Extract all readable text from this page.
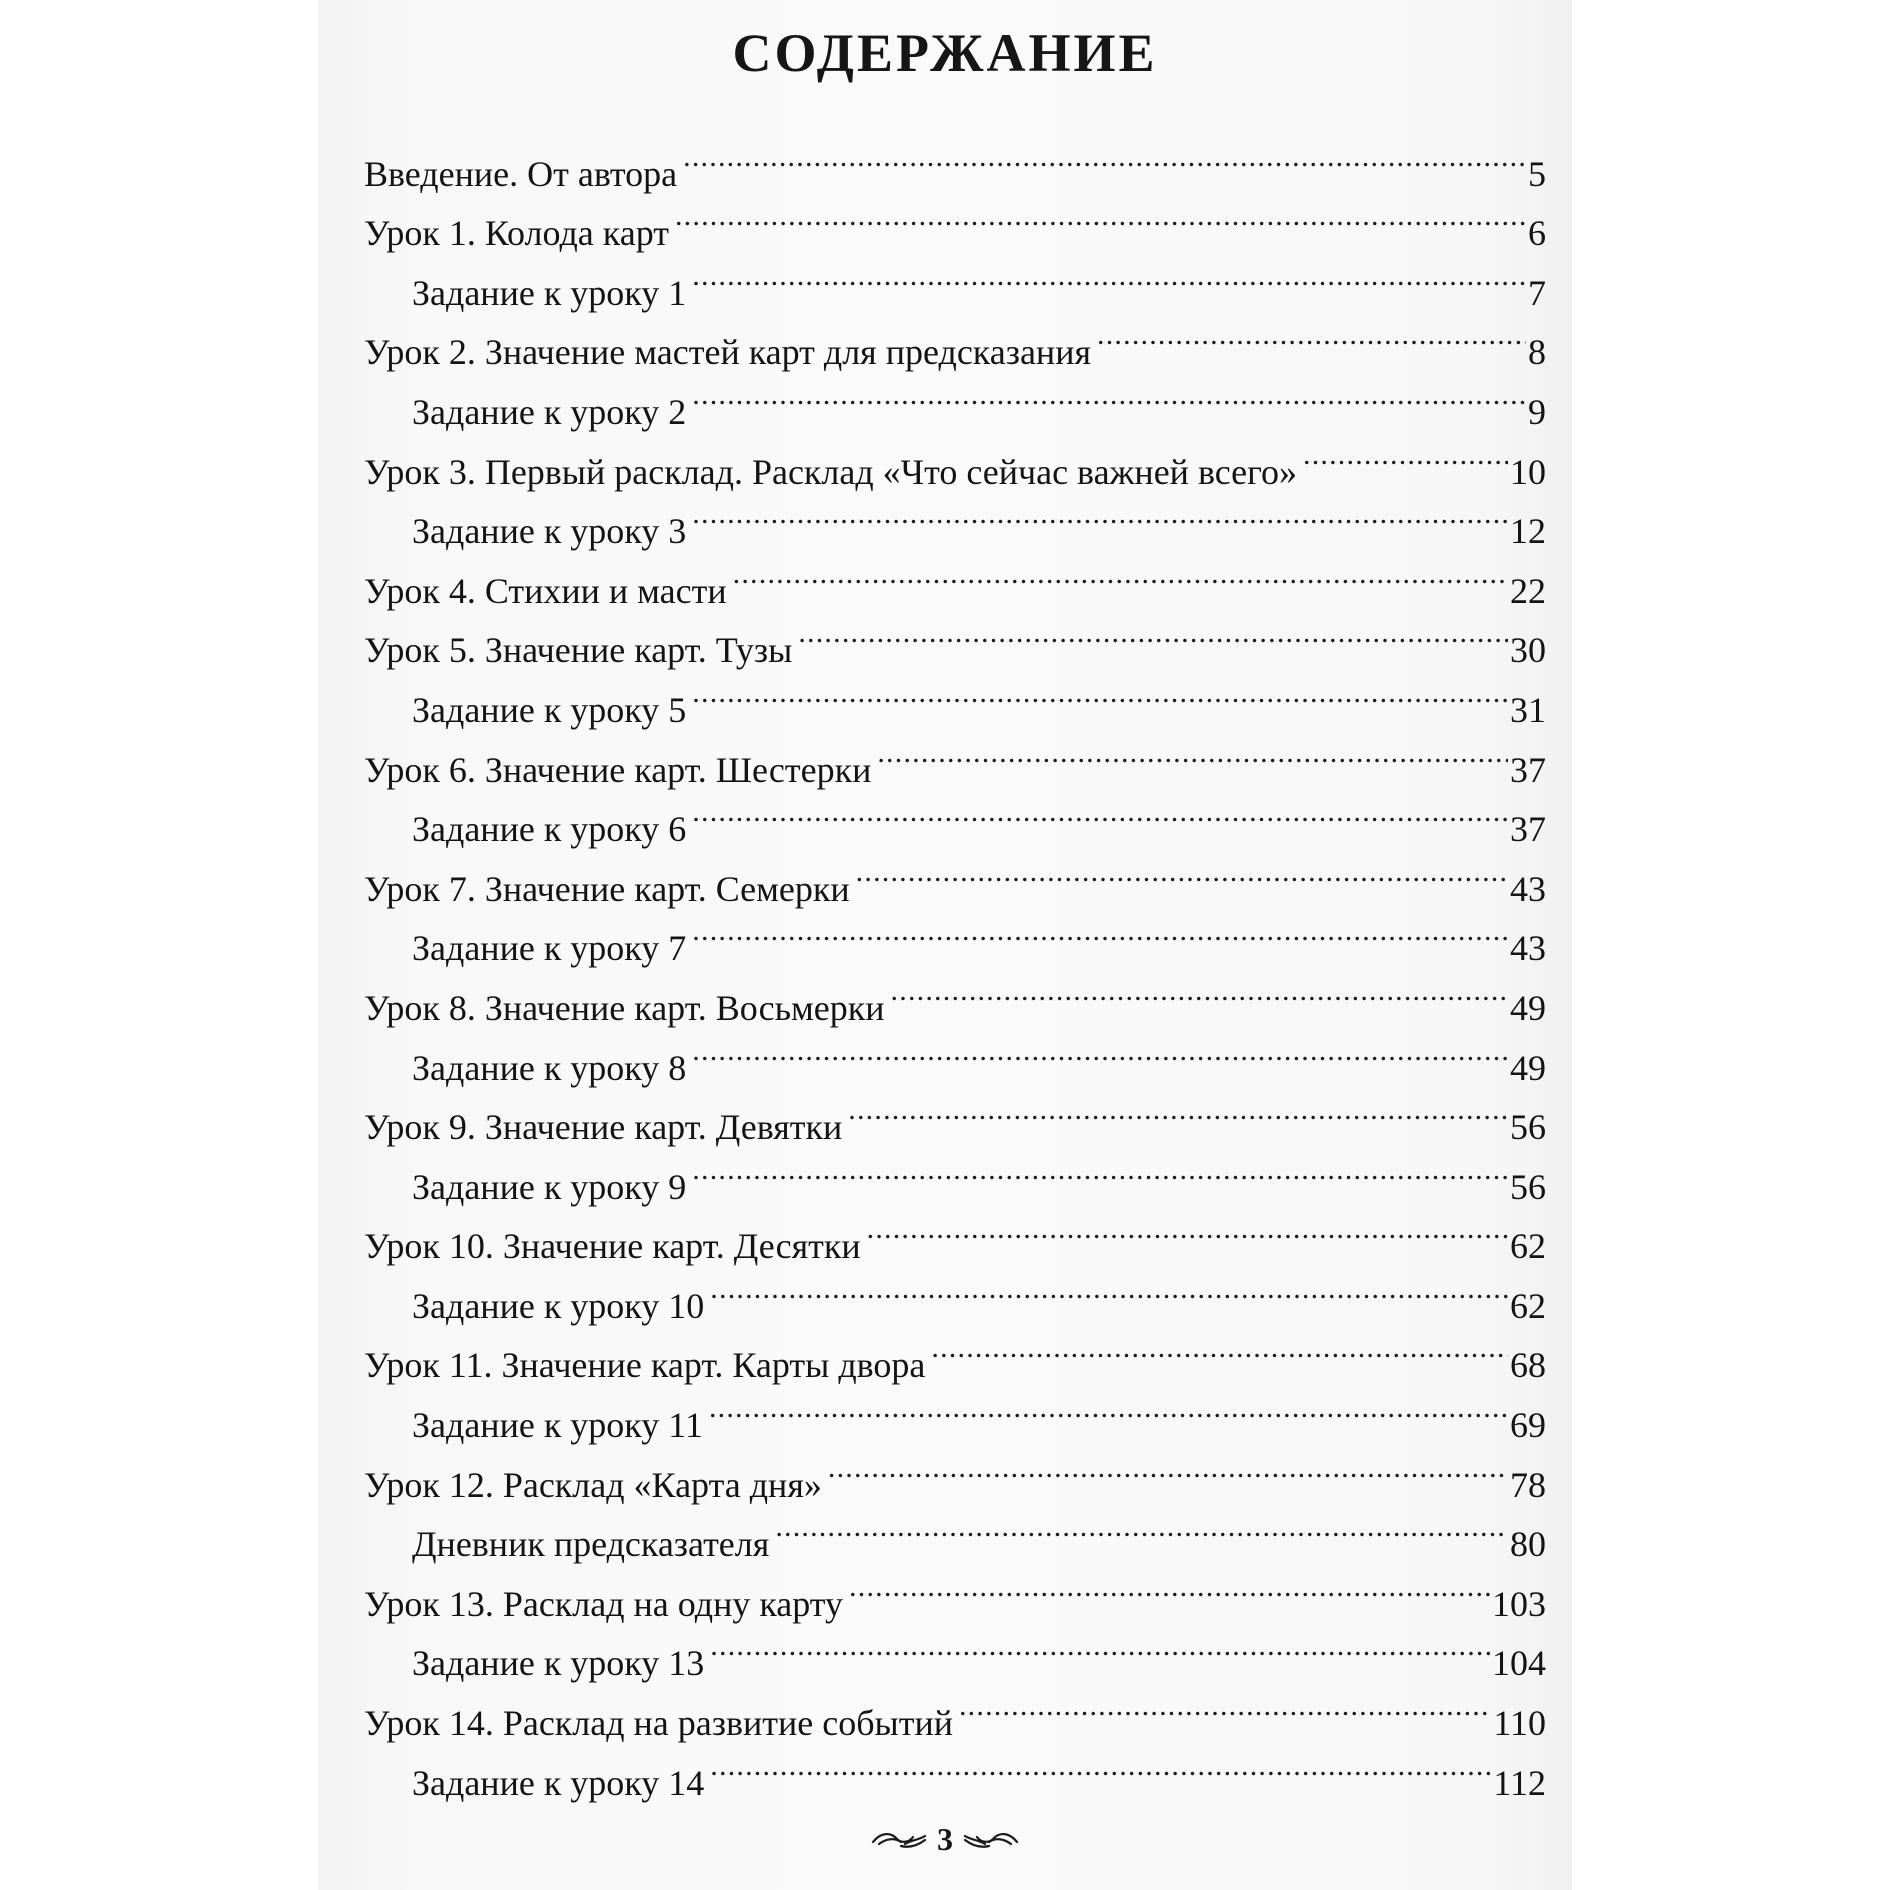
СОДЕРЖАНИЕ
Введение. От автора .....	5
Урок 1. Колода карт .....	6
Задание к уроку 1 .....	7
Урок 2. Значение мастей карт для предсказания .....	8
Задание к уроку 2 .....	9
Урок 3. Первый расклад. Расклад «Что сейчас важней всего» .....	10
Задание к уроку 3 .....	12
Урок 4. Стихии и масти .....	22
Урок 5. Значение карт. Тузы .....	30
Задание к уроку 5 .....	31
Урок 6. Значение карт. Шестерки .....	37
Задание к уроку 6 .....	37
Урок 7. Значение карт. Семерки .....	43
Задание к уроку 7 .....	43
Урок 8. Значение карт. Восьмерки .....	49
Задание к уроку 8 .....	49
Урок 9. Значение карт. Девятки .....	56
Задание к уроку 9 .....	56
Урок 10. Значение карт. Десятки .....	62
Задание к уроку 10 .....	62
Урок 11. Значение карт. Карты двора .....	68
Задание к уроку 11 .....	69
Урок 12. Расклад «Карта дня» .....	78
Дневник предсказателя .....	80
Урок 13. Расклад на одну карту .....	103
Задание к уроку 13 .....	104
Урок 14. Расклад на развитие событий .....	110
Задание к уроку 14 .....	112
3
